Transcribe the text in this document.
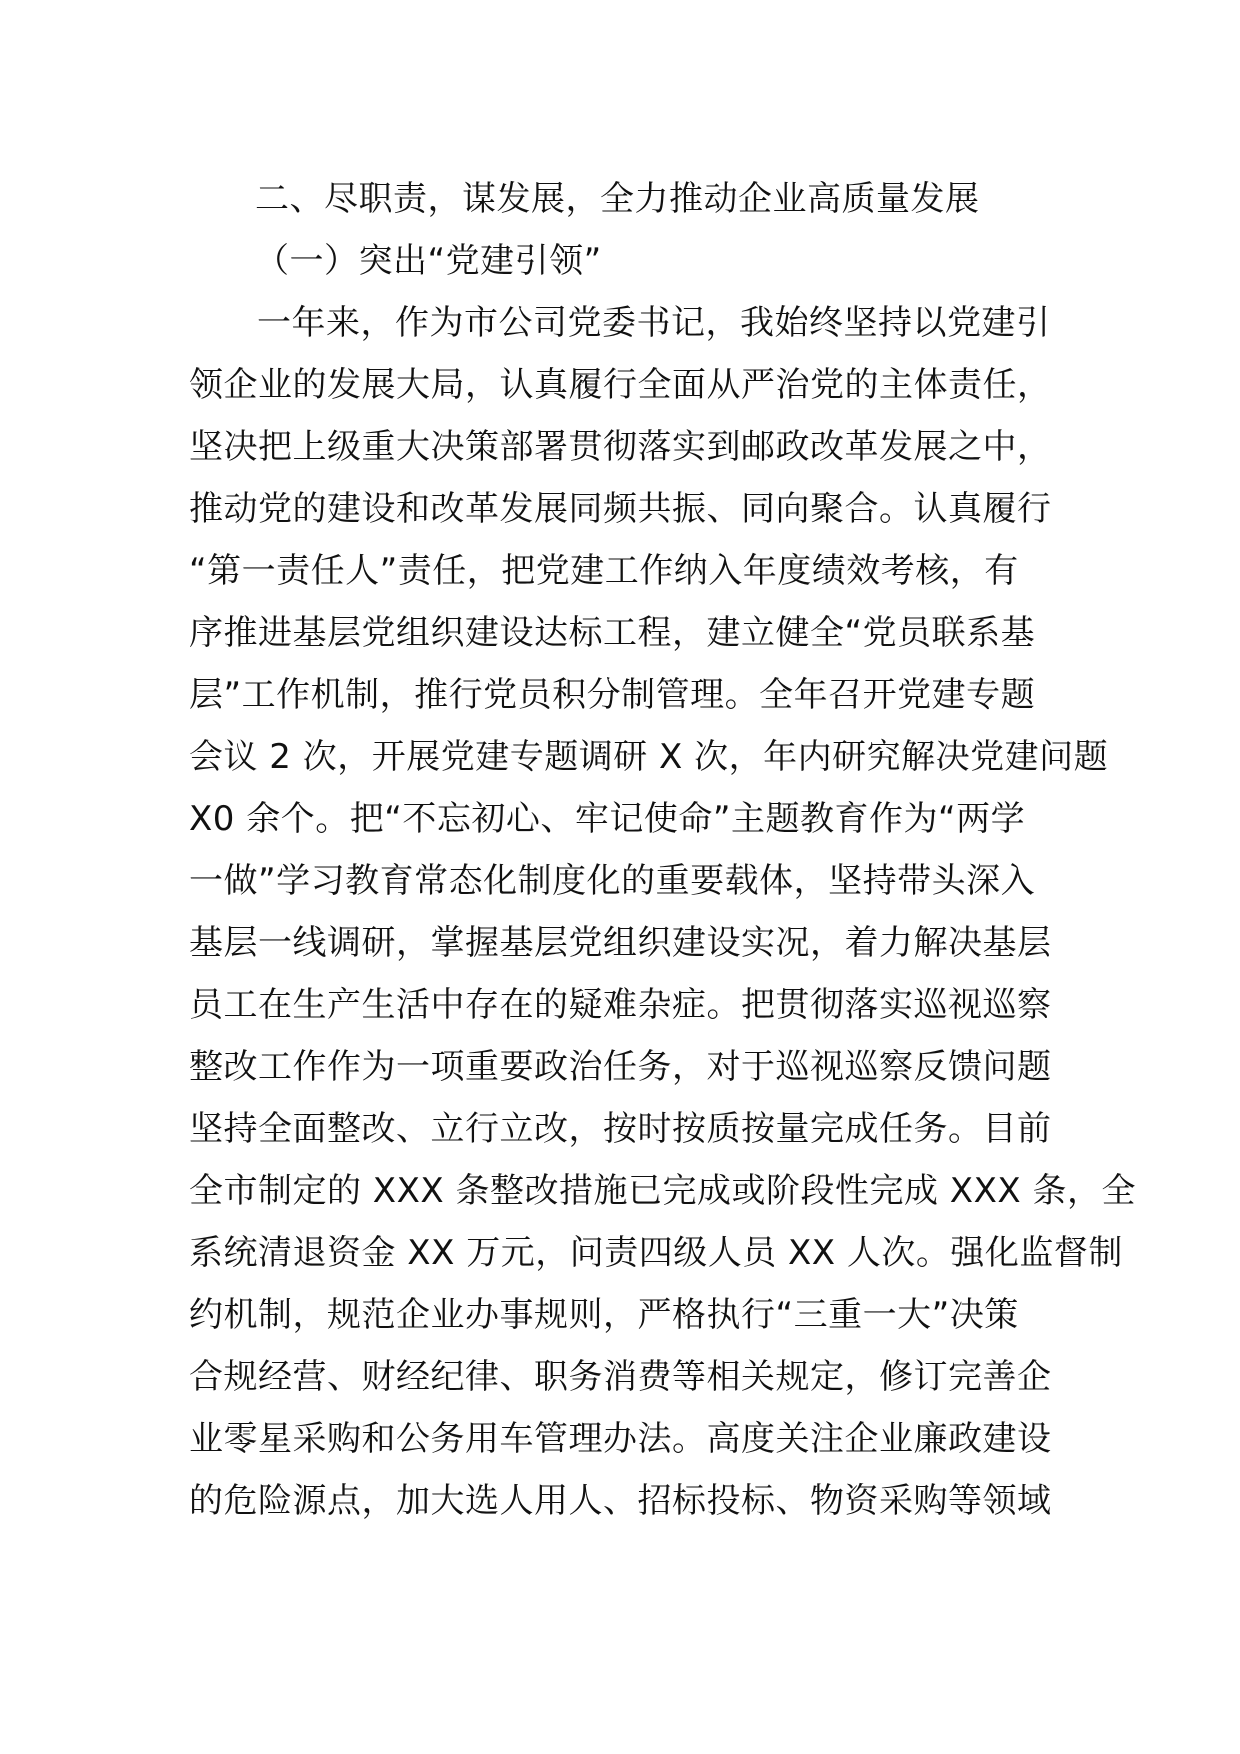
二、尽职责，谋发展，全力推动企业高质量发展
（一）突出“党建引领”
一年来，作为市公司党委书记，我始终坚持以党建引
领企业的发展大局，认真履行全面从严治党的主体责任，
坚决把上级重大决策部署贯彻落实到邮政改革发展之中，
推动党的建设和改革发展同频共振、同向聚合。认真履行
“第一责任人”责任，把党建工作纳入年度绩效考核，有
序推进基层党组织建设达标工程，建立健全“党员联系基
层”工作机制，推行党员积分制管理。全年召开党建专题
会议 2 次，开展党建专题调研 X 次，年内研究解决党建问题
X0 余个。把“不忘初心、牢记使命”主题教育作为“两学
一做”学习教育常态化制度化的重要载体，坚持带头深入
基层一线调研，掌握基层党组织建设实况，着力解决基层
员工在生产生活中存在的疑难杂症。把贯彻落实巡视巡察
整改工作作为一项重要政治任务，对于巡视巡察反馈问题
坚持全面整改、立行立改，按时按质按量完成任务。目前
全市制定的 XXX 条整改措施已完成或阶段性完成 XXX 条，全
系统清退资金 XX 万元，问责四级人员 XX 人次。强化监督制
约机制，规范企业办事规则，严格执行“三重一大”决策
合规经营、财经纪律、职务消费等相关规定，修订完善企
业零星采购和公务用车管理办法。高度关注企业廉政建设
的危险源点，加大选人用人、招标投标、物资采购等领域
